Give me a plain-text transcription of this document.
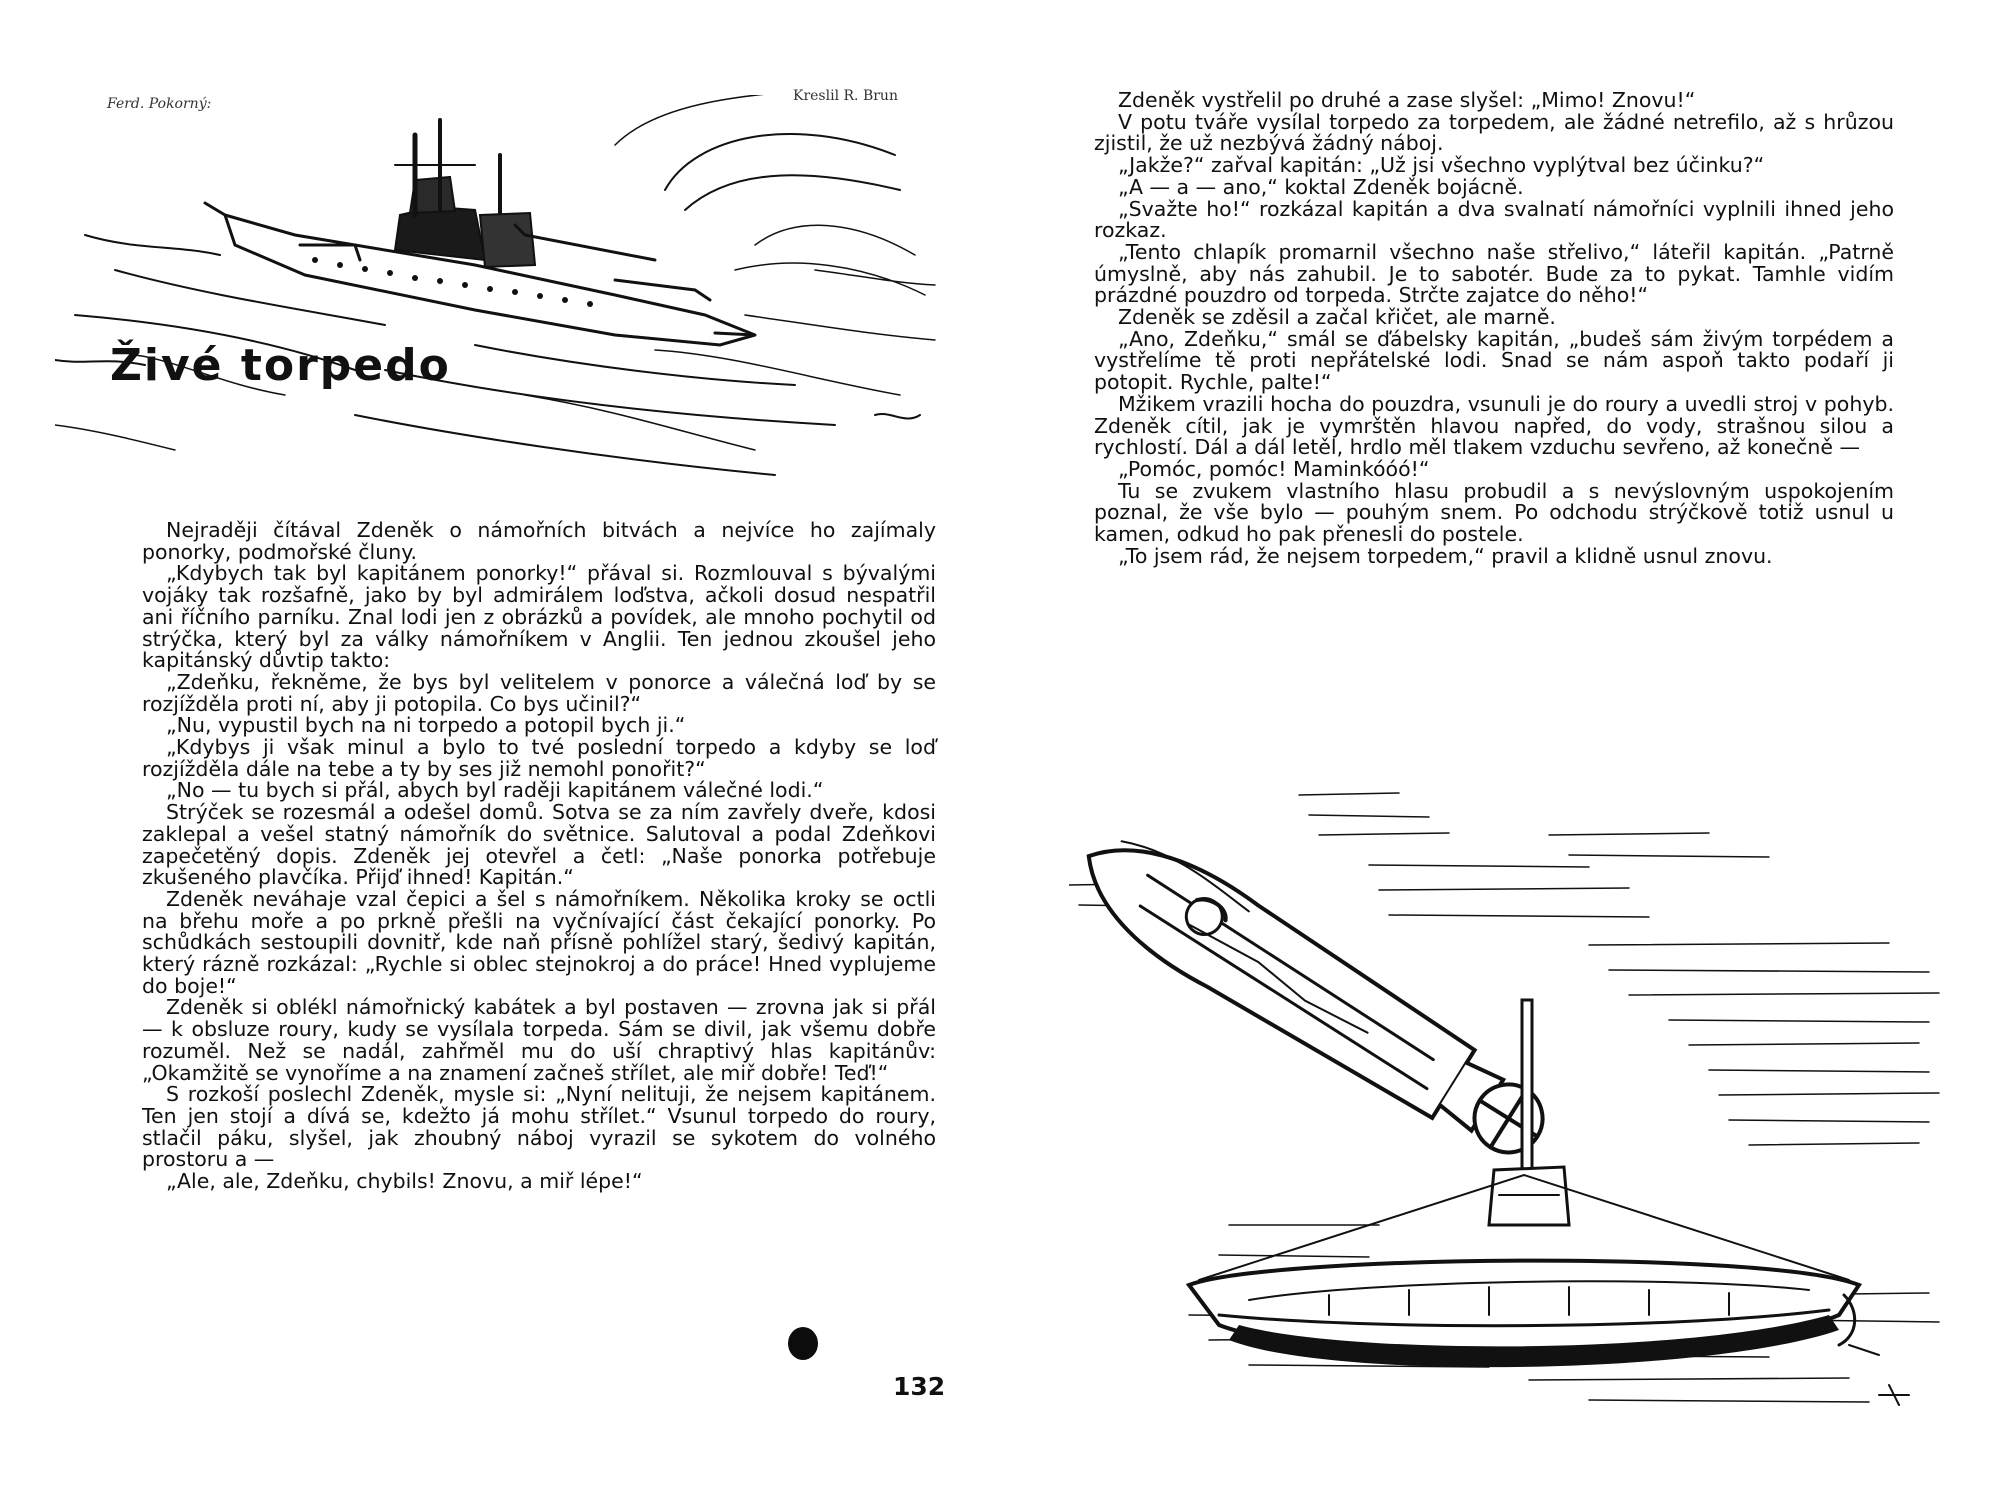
Ferd. Pokorný:	Kreslil R. Brun
Živé torpedo

Nejraději čítával Zdeněk o námořních bitvách a nejvíce ho zajímaly ponorky, podmořské čluny.

„Kdybych tak byl kapitánem ponorky!“ přával si. Rozmlouval s bývalými vojáky tak rozšafně, jako by byl admirálem loďstva, ačkoli dosud nespatřil ani říčního parníku. Znal lodi jen z obrázků a povídek, ale mnoho pochytil od strýčka, který byl za války námořníkem v Anglii. Ten jednou zkoušel jeho kapitánský důvtip takto:

„Zdeňku, řekněme, že bys byl velitelem v ponorce a válečná loď by se rozjížděla proti ní, aby ji potopila. Co bys učinil?“

„Nu, vypustil bych na ni torpedo a potopil bych ji.“

„Kdybys ji však minul a bylo to tvé poslední torpedo a kdyby se loď rozjížděla dále na tebe a ty by ses již nemohl ponořit?“

„No — tu bych si přál, abych byl raději kapitánem válečné lodi.“

Strýček se rozesmál a odešel domů. Sotva se za ním zavřely dveře, kdosi zaklepal a vešel statný námořník do světnice. Salutoval a podal Zdeňkovi zapečetěný dopis. Zdeněk jej otevřel a četl: „Naše ponorka potřebuje zkušeného plavčíka. Přijď ihned! Kapitán.“

Zdeněk neváhaje vzal čepici a šel s námořníkem. Několika kroky se octli na břehu moře a po prkně přešli na vyčnívající část čekající ponorky. Po schůdkách sestoupili dovnitř, kde naň přísně pohlížel starý, šedivý kapitán, který rázně rozkázal: „Rychle si oblec stejnokroj a do práce! Hned vyplujeme do boje!“

Zdeněk si oblékl námořnický kabátek a byl postaven — zrovna jak si přál — k obsluze roury, kudy se vysílala torpeda. Sám se divil, jak všemu dobře rozuměl. Než se nadál, zahřměl mu do uší chraptivý hlas kapitánův: „Okamžitě se vynoříme a na znamení začneš střílet, ale miř dobře! Teď!“

S rozkoší poslechl Zdeněk, mysle si: „Nyní nelituji, že nejsem kapitánem. Ten jen stojí a dívá se, kdežto já mohu střílet.“ Vsunul torpedo do roury, stlačil páku, slyšel, jak zhoubný náboj vyrazil se sykotem do volného prostoru a —

„Ale, ale, Zdeňku, chybils! Znovu, a miř lépe!“

132

Zdeněk vystřelil po druhé a zase slyšel: „Mimo! Znovu!“

V potu tváře vysílal torpedo za torpedem, ale žádné netrefilo, až s hrůzou zjistil, že už nezbývá žádný náboj.

„Jakže?“ zařval kapitán: „Už jsi všechno vyplýtval bez účinku?“

„A — a — ano,“ koktal Zdeněk bojácně.

„Svažte ho!“ rozkázal kapitán a dva svalnatí námořníci vyplnili ihned jeho rozkaz.

„Tento chlapík promarnil všechno naše střelivo,“ láteřil kapitán. „Patrně úmyslně, aby nás zahubil. Je to sabotér. Bude za to pykat. Tamhle vidím prázdné pouzdro od torpeda. Strčte zajatce do něho!“

Zdeněk se zděsil a začal křičet, ale marně.

„Ano, Zdeňku,“ smál se ďábelsky kapitán, „budeš sám živým torpédem a vystřelíme tě proti nepřátelské lodi. Snad se nám aspoň takto podaří ji potopit. Rychle, palte!“

Mžikem vrazili hocha do pouzdra, vsunuli je do roury a uvedli stroj v pohyb. Zdeněk cítil, jak je vymrštěn hlavou napřed, do vody, strašnou silou a rychlostí. Dál a dál letěl, hrdlo měl tlakem vzduchu sevřeno, až konečně —

„Pomóc, pomóc! Maminkóóó!“

Tu se zvukem vlastního hlasu probudil a s nevýslovným uspokojením poznal, že vše bylo — pouhým snem. Po odchodu strýčkově totiž usnul u kamen, odkud ho pak přenesli do postele.

„To jsem rád, že nejsem torpedem,“ pravil a klidně usnul znovu.
